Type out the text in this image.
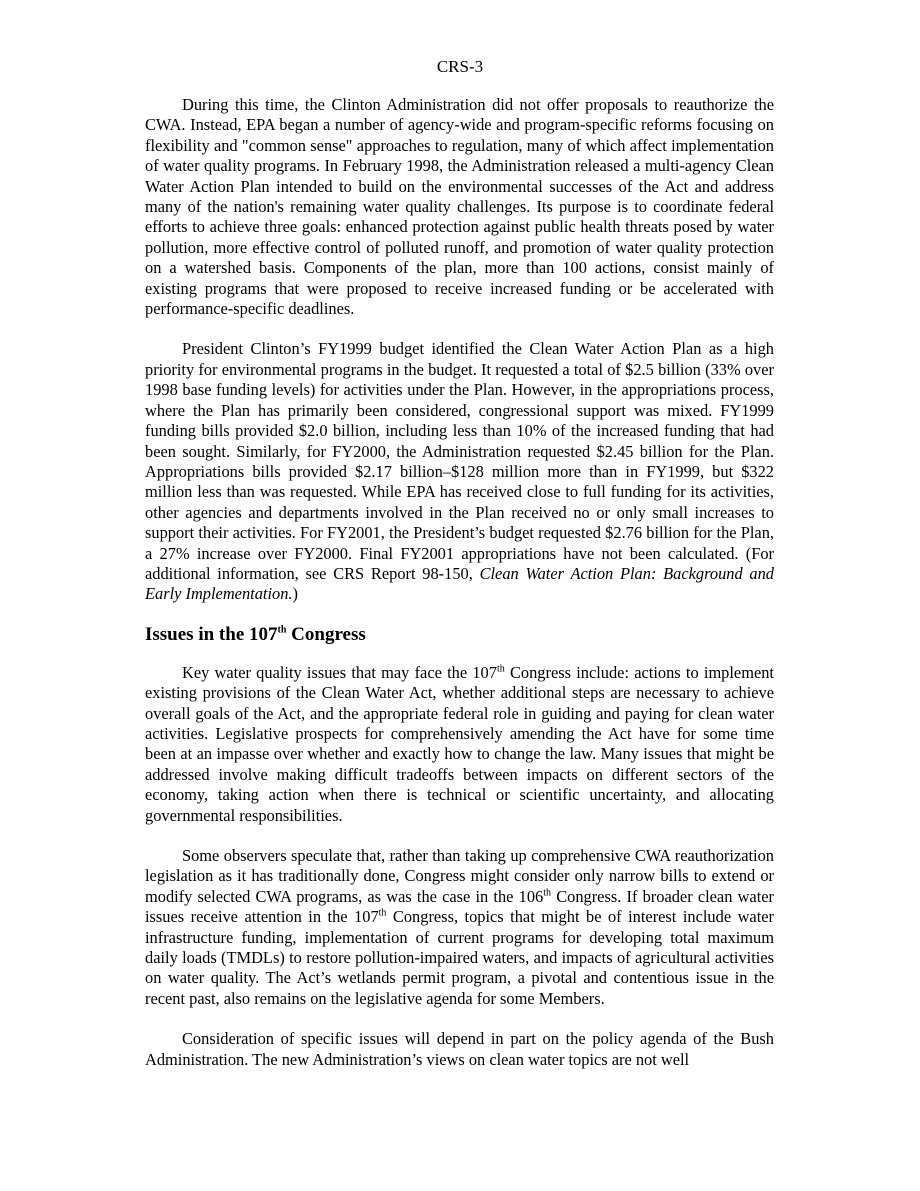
CRS-3

During this time, the Clinton Administration did not offer proposals to reauthorize the CWA. Instead, EPA began a number of agency-wide and program-specific reforms focusing on flexibility and "common sense" approaches to regulation, many of which affect implementation of water quality programs. In February 1998, the Administration released a multi-agency Clean Water Action Plan intended to build on the environmental successes of the Act and address many of the nation's remaining water quality challenges. Its purpose is to coordinate federal efforts to achieve three goals: enhanced protection against public health threats posed by water pollution, more effective control of polluted runoff, and promotion of water quality protection on a watershed basis. Components of the plan, more than 100 actions, consist mainly of existing programs that were proposed to receive increased funding or be accelerated with performance-specific deadlines.

President Clinton’s FY1999 budget identified the Clean Water Action Plan as a high priority for environmental programs in the budget. It requested a total of $2.5 billion (33% over 1998 base funding levels) for activities under the Plan. However, in the appropriations process, where the Plan has primarily been considered, congressional support was mixed. FY1999 funding bills provided $2.0 billion, including less than 10% of the increased funding that had been sought. Similarly, for FY2000, the Administration requested $2.45 billion for the Plan. Appropriations bills provided $2.17 billion–$128 million more than in FY1999, but $322 million less than was requested. While EPA has received close to full funding for its activities, other agencies and departments involved in the Plan received no or only small increases to support their activities. For FY2001, the President’s budget requested $2.76 billion for the Plan, a 27% increase over FY2000. Final FY2001 appropriations have not been calculated. (For additional information, see CRS Report 98-150, Clean Water Action Plan: Background and Early Implementation.)

Issues in the 107th Congress

Key water quality issues that may face the 107th Congress include: actions to implement existing provisions of the Clean Water Act, whether additional steps are necessary to achieve overall goals of the Act, and the appropriate federal role in guiding and paying for clean water activities. Legislative prospects for comprehensively amending the Act have for some time been at an impasse over whether and exactly how to change the law. Many issues that might be addressed involve making difficult tradeoffs between impacts on different sectors of the economy, taking action when there is technical or scientific uncertainty, and allocating governmental responsibilities.

Some observers speculate that, rather than taking up comprehensive CWA reauthorization legislation as it has traditionally done, Congress might consider only narrow bills to extend or modify selected CWA programs, as was the case in the 106th Congress. If broader clean water issues receive attention in the 107th Congress, topics that might be of interest include water infrastructure funding, implementation of current programs for developing total maximum daily loads (TMDLs) to restore pollution-impaired waters, and impacts of agricultural activities on water quality. The Act’s wetlands permit program, a pivotal and contentious issue in the recent past, also remains on the legislative agenda for some Members.

Consideration of specific issues will depend in part on the policy agenda of the Bush Administration. The new Administration’s views on clean water topics are not well
